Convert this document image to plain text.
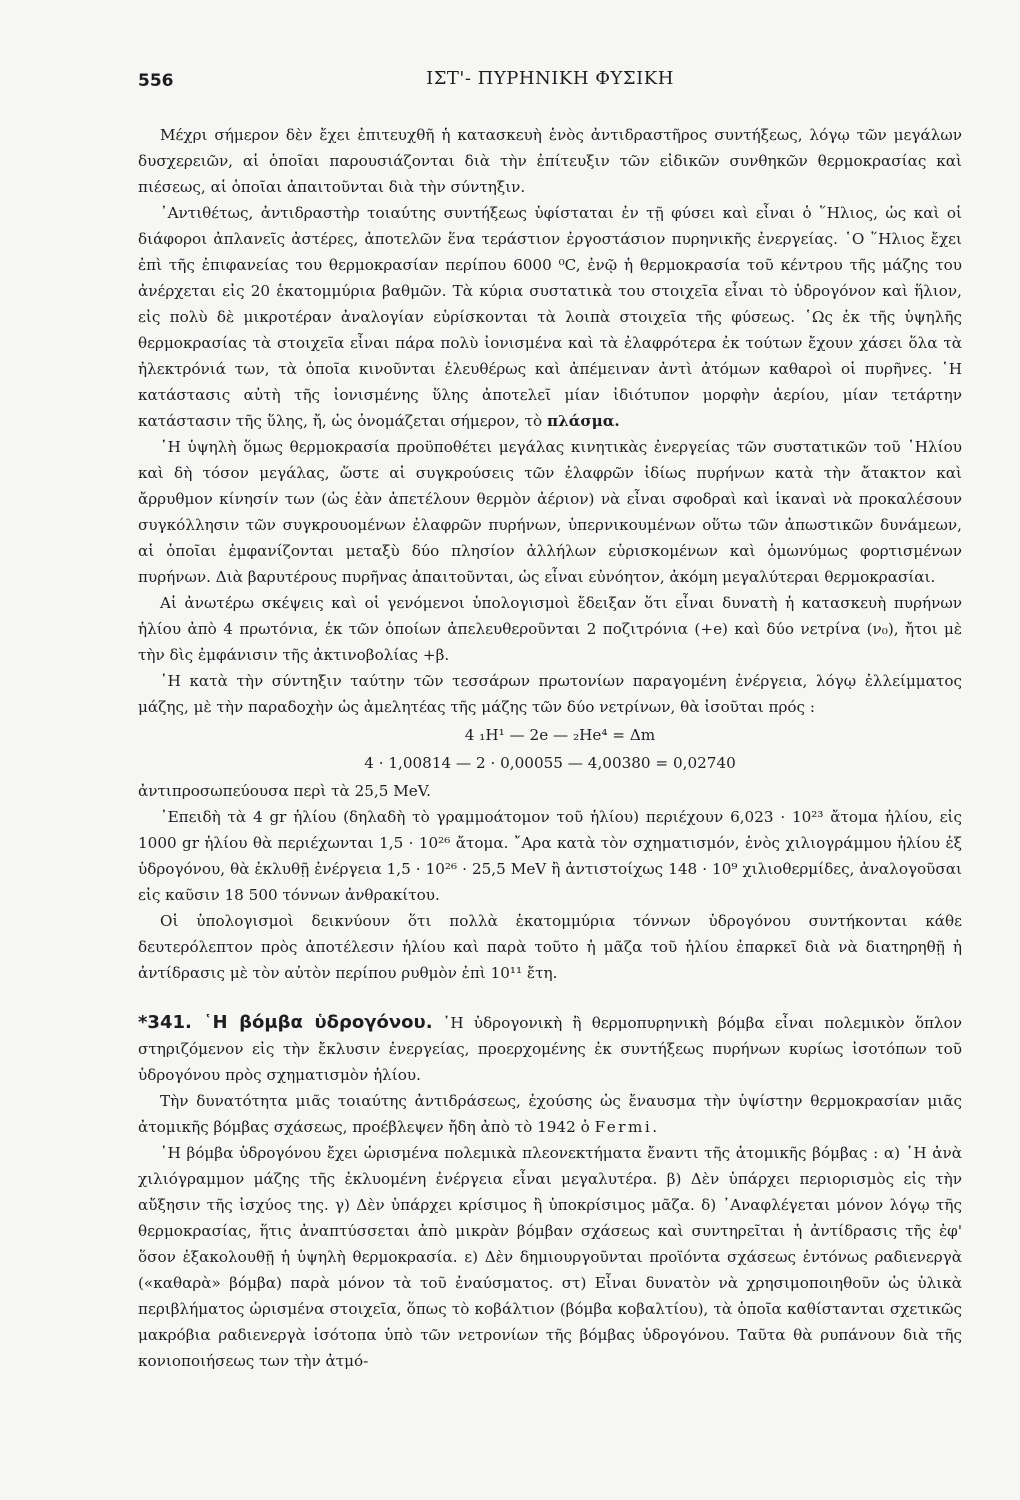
556	ΙΣΤ'- ΠΥΡΗΝΙΚΗ ΦΥΣΙΚΗ

Μέχρι σήμερον δὲν ἔχει ἐπιτευχθῆ ἡ κατασκευὴ ἑνὸς ἀντιδραστῆρος συντήξεως, λόγῳ τῶν μεγάλων δυσχερειῶν, αἱ ὁποῖαι παρουσιάζονται διὰ τὴν ἐπίτευξιν τῶν εἰδικῶν συνθηκῶν θερμοκρασίας καὶ πιέσεως, αἱ ὁποῖαι ἀπαιτοῦνται διὰ τὴν σύντηξιν.

᾿Αντιθέτως, ἀντιδραστὴρ τοιαύτης συντήξεως ὑφίσταται ἐν τῇ φύσει καὶ εἶναι ὁ ῞Ηλιος, ὡς καὶ οἱ διάφοροι ἀπλανεῖς ἀστέρες, ἀποτελῶν ἕνα τεράστιον ἐργοστάσιον πυρηνικῆς ἐνεργείας. ῾Ο ῞Ηλιος ἔχει ἐπὶ τῆς ἐπιφανείας του θερμοκρασίαν περίπου 6000 ⁰C, ἐνῷ ἡ θερμοκρασία τοῦ κέντρου τῆς μάζης του ἀνέρχεται εἰς 20 ἑκατομμύρια βαθμῶν. Τὰ κύρια συστατικὰ του στοιχεῖα εἶναι τὸ ὑδρογόνον καὶ ἥλιον, εἰς πολὺ δὲ μικροτέραν ἀναλογίαν εὑρίσκονται τὰ λοιπὰ στοιχεῖα τῆς φύσεως. ῾Ως ἐκ τῆς ὑψηλῆς θερμοκρασίας τὰ στοιχεῖα εἶναι πάρα πολὺ ἰονισμένα καὶ τὰ ἐλαφρότερα ἐκ τούτων ἔχουν χάσει ὅλα τὰ ἠλεκτρόνιά των, τὰ ὁποῖα κινοῦνται ἐλευθέρως καὶ ἀπέμειναν ἀντὶ ἀτόμων καθαροὶ οἱ πυρῆνες. ῾Η κατάστασις αὐτὴ τῆς ἰονισμένης ὕλης ἀποτελεῖ μίαν ἰδιότυπον μορφὴν ἀερίου, μίαν τετάρτην κατάστασιν τῆς ὕλης, ἤ, ὡς ὀνομάζεται σήμερον, τὸ πλάσμα.

῾Η ὑψηλὴ ὅμως θερμοκρασία προϋποθέτει μεγάλας κινητικὰς ἐνεργείας τῶν συστατικῶν τοῦ ῾Ηλίου καὶ δὴ τόσον μεγάλας, ὥστε αἱ συγκρούσεις τῶν ἐλαφρῶν ἰδίως πυρήνων κατὰ τὴν ἄτακτον καὶ ἄρρυθμον κίνησίν των (ὡς ἐὰν ἀπετέλουν θερμὸν ἀέριον) νὰ εἶναι σφοδραὶ καὶ ἱκαναὶ νὰ προκαλέσουν συγκόλλησιν τῶν συγκρουομένων ἐλαφρῶν πυρήνων, ὑπερνικουμένων οὕτω τῶν ἀπωστικῶν δυνάμεων, αἱ ὁποῖαι ἐμφανίζονται μεταξὺ δύο πλησίον ἀλλήλων εὑρισκομένων καὶ ὁμωνύμως φορτισμένων πυρήνων. Διὰ βαρυτέρους πυρῆνας ἀπαιτοῦνται, ὡς εἶναι εὐνόητον, ἀκόμη μεγαλύτεραι θερμοκρασίαι.

Αἱ ἀνωτέρω σκέψεις καὶ οἱ γενόμενοι ὑπολογισμοὶ ἔδειξαν ὅτι εἶναι δυνατὴ ἡ κατασκευὴ πυρήνων ἡλίου ἀπὸ 4 πρωτόνια, ἐκ τῶν ὁποίων ἀπελευθεροῦνται 2 ποζιτρόνια (+e) καὶ δύο νετρίνα (ν₀), ἤτοι μὲ τὴν δὶς ἐμφάνισιν τῆς ἀκτινοβολίας +β.

῾Η κατὰ τὴν σύντηξιν ταύτην τῶν τεσσάρων πρωτονίων παραγομένη ἐνέργεια, λόγῳ ἐλλείμματος μάζης, μὲ τὴν παραδοχὴν ὡς ἀμελητέας τῆς μάζης τῶν δύο νετρίνων, θὰ ἰσοῦται πρός :

4 ₁H¹ — 2e — ₂He⁴ = Δm
4 · 1,00814 — 2 · 0,00055 — 4,00380 = 0,02740

ἀντιπροσωπεύουσα περὶ τὰ 25,5 MeV.

᾿Επειδὴ τὰ 4 gr ἡλίου (δηλαδὴ τὸ γραμμοάτομον τοῦ ἡλίου) περιέχουν 6,023 · 10²³ ἄτομα ἡλίου, εἰς 1000 gr ἡλίου θὰ περιέχωνται 1,5 · 10²⁶ ἄτομα. ῎Αρα κατὰ τὸν σχηματισμόν, ἑνὸς χιλιογράμμου ἡλίου ἐξ ὑδρογόνου, θὰ ἐκλυθῇ ἐνέργεια 1,5 · 10²⁶ · 25,5 MeV ἢ ἀντιστοίχως 148 · 10⁹ χιλιοθερμίδες, ἀναλογοῦσαι εἰς καῦσιν 18 500 τόννων ἀνθρακίτου.

Οἱ ὑπολογισμοὶ δεικνύουν ὅτι πολλὰ ἑκατομμύρια τόννων ὑδρογόνου συντήκονται κάθε δευτερόλεπτον πρὸς ἀποτέλεσιν ἡλίου καὶ παρὰ τοῦτο ἡ μᾶζα τοῦ ἡλίου ἐπαρκεῖ διὰ νὰ διατηρηθῇ ἡ ἀντίδρασις μὲ τὸν αὐτὸν περίπου ρυθμὸν ἐπὶ 10¹¹ ἔτη.

*341. ῾Η βόμβα ὑδρογόνου. ῾Η ὑδρογονικὴ ἢ θερμοπυρηνικὴ βόμβα εἶναι πολεμικὸν ὅπλον στηριζόμενον εἰς τὴν ἔκλυσιν ἐνεργείας, προερχομένης ἐκ συντήξεως πυρήνων κυρίως ἰσοτόπων τοῦ ὑδρογόνου πρὸς σχηματισμὸν ἡλίου.

Τὴν δυνατότητα μιᾶς τοιαύτης ἀντιδράσεως, ἐχούσης ὡς ἔναυσμα τὴν ὑψίστην θερμοκρασίαν μιᾶς ἀτομικῆς βόμβας σχάσεως, προέβλεψεν ἤδη ἀπὸ τὸ 1942 ὁ Fermi.

῾Η βόμβα ὑδρογόνου ἔχει ὡρισμένα πολεμικὰ πλεονεκτήματα ἔναντι τῆς ἀτομικῆς βόμβας : α) ῾Η ἀνὰ χιλιόγραμμον μάζης τῆς ἐκλυομένη ἐνέργεια εἶναι μεγαλυτέρα. β) Δὲν ὑπάρχει περιορισμὸς εἰς τὴν αὔξησιν τῆς ἰσχύος της. γ) Δὲν ὑπάρχει κρίσιμος ἢ ὑποκρίσιμος μᾶζα. δ) ᾿Αναφλέγεται μόνον λόγῳ τῆς θερμοκρασίας, ἥτις ἀναπτύσσεται ἀπὸ μικρὰν βόμβαν σχάσεως καὶ συντηρεῖται ἡ ἀντίδρασις τῆς ἐφ' ὅσον ἐξακολουθῇ ἡ ὑψηλὴ θερμοκρασία. ε) Δὲν δημιουργοῦνται προϊόντα σχάσεως ἐντόνως ραδιενεργὰ («καθαρὰ» βόμβα) παρὰ μόνον τὰ τοῦ ἐναύσματος. στ) Εἶναι δυνατὸν νὰ χρησιμοποιηθοῦν ὡς ὑλικὰ περιβλήματος ὡρισμένα στοιχεῖα, ὅπως τὸ κοβάλτιον (βόμβα κοβαλτίου), τὰ ὁποῖα καθίστανται σχετικῶς μακρόβια ραδιενεργὰ ἰσότοπα ὑπὸ τῶν νετρονίων τῆς βόμβας ὑδρογόνου. Ταῦτα θὰ ρυπάνουν διὰ τῆς κονιοποιήσεως των τὴν ἀτμό-
